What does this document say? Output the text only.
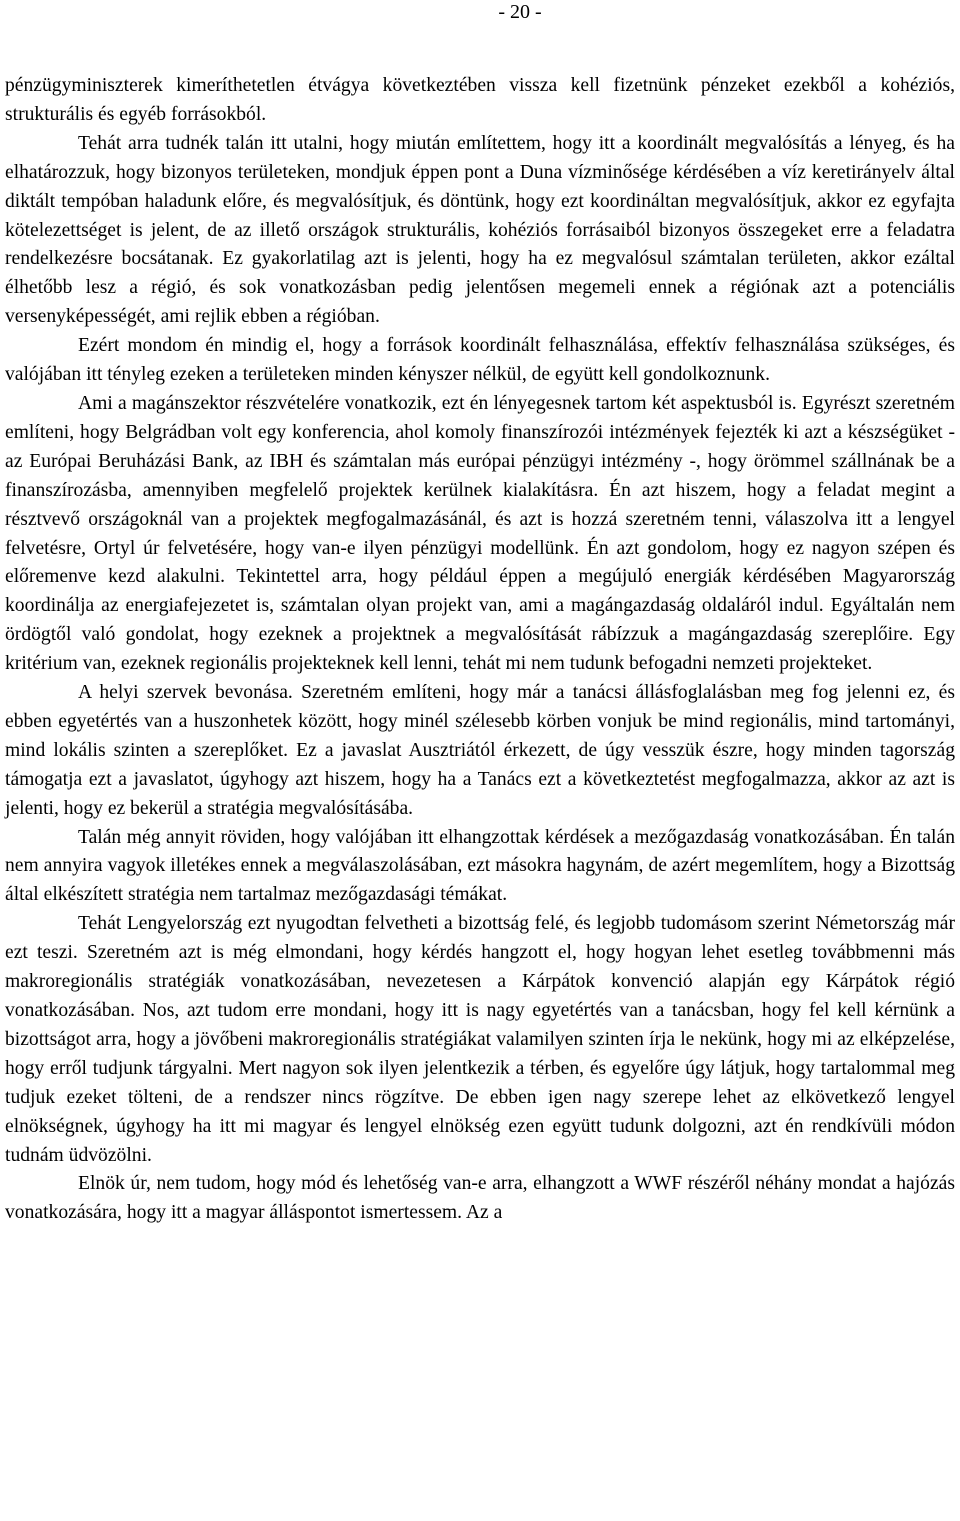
- 20 -

pénzügyminiszterek kimeríthetetlen étvágya következtében vissza kell fizetnünk pénzeket ezekből a kohéziós, strukturális és egyéb forrásokból.

Tehát arra tudnék talán itt utalni, hogy miután említettem, hogy itt a koordinált megvalósítás a lényeg, és ha elhatározzuk, hogy bizonyos területeken, mondjuk éppen pont a Duna vízminősége kérdésében a víz keretirányelv által diktált tempóban haladunk előre, és megvalósítjuk, és döntünk, hogy ezt koordináltan megvalósítjuk, akkor ez egyfajta kötelezettséget is jelent, de az illető országok strukturális, kohéziós forrásaiból bizonyos összegeket erre a feladatra rendelkezésre bocsátanak. Ez gyakorlatilag azt is jelenti, hogy ha ez megvalósul számtalan területen, akkor ezáltal élhetőbb lesz a régió, és sok vonatkozásban pedig jelentősen megemeli ennek a régiónak azt a potenciális versenyképességét, ami rejlik ebben a régióban.

Ezért mondom én mindig el, hogy a források koordinált felhasználása, effektív felhasználása szükséges, és valójában itt tényleg ezeken a területeken minden kényszer nélkül, de együtt kell gondolkoznunk.

Ami a magánszektor részvételére vonatkozik, ezt én lényegesnek tartom két aspektusból is. Egyrészt szeretném említeni, hogy Belgrádban volt egy konferencia, ahol komoly finanszírozói intézmények fejezték ki azt a készségüket - az Európai Beruházási Bank, az IBH és számtalan más európai pénzügyi intézmény -, hogy örömmel szállnának be a finanszírozásba, amennyiben megfelelő projektek kerülnek kialakításra. Én azt hiszem, hogy a feladat megint a résztvevő országoknál van a projektek megfogalmazásánál, és azt is hozzá szeretném tenni, válaszolva itt a lengyel felvetésre, Ortyl úr felvetésére, hogy van-e ilyen pénzügyi modellünk. Én azt gondolom, hogy ez nagyon szépen és előremenve kezd alakulni. Tekintettel arra, hogy például éppen a megújuló energiák kérdésében Magyarország koordinálja az energiafejezetet is, számtalan olyan projekt van, ami a magángazdaság oldaláról indul. Egyáltalán nem ördögtől való gondolat, hogy ezeknek a projektnek a megvalósítását rábízzuk a magángazdaság szereplőire. Egy kritérium van, ezeknek regionális projekteknek kell lenni, tehát mi nem tudunk befogadni nemzeti projekteket.

A helyi szervek bevonása. Szeretném említeni, hogy már a tanácsi állásfoglalásban meg fog jelenni ez, és ebben egyetértés van a huszonhetek között, hogy minél szélesebb körben vonjuk be mind regionális, mind tartományi, mind lokális szinten a szereplőket. Ez a javaslat Ausztriától érkezett, de úgy vesszük észre, hogy minden tagország támogatja ezt a javaslatot, úgyhogy azt hiszem, hogy ha a Tanács ezt a következtetést megfogalmazza, akkor az azt is jelenti, hogy ez bekerül a stratégia megvalósításába.

Talán még annyit röviden, hogy valójában itt elhangzottak kérdések a mezőgazdaság vonatkozásában. Én talán nem annyira vagyok illetékes ennek a megválaszolásában, ezt másokra hagynám, de azért megemlítem, hogy a Bizottság által elkészített stratégia nem tartalmaz mezőgazdasági témákat.

Tehát Lengyelország ezt nyugodtan felvetheti a bizottság felé, és legjobb tudomásom szerint Németország már ezt teszi. Szeretném azt is még elmondani, hogy kérdés hangzott el, hogy hogyan lehet esetleg továbbmenni más makroregionális stratégiák vonatkozásában, nevezetesen a Kárpátok konvenció alapján egy Kárpátok régió vonatkozásában. Nos, azt tudom erre mondani, hogy itt is nagy egyetértés van a tanácsban, hogy fel kell kérnünk a bizottságot arra, hogy a jövőbeni makroregionális stratégiákat valamilyen szinten írja le nekünk, hogy mi az elképzelése, hogy erről tudjunk tárgyalni. Mert nagyon sok ilyen jelentkezik a térben, és egyelőre úgy látjuk, hogy tartalommal meg tudjuk ezeket tölteni, de a rendszer nincs rögzítve. De ebben igen nagy szerepe lehet az elkövetkező lengyel elnökségnek, úgyhogy ha itt mi magyar és lengyel elnökség ezen együtt tudunk dolgozni, azt én rendkívüli módon tudnám üdvözölni.

Elnök úr, nem tudom, hogy mód és lehetőség van-e arra, elhangzott a WWF részéről néhány mondat a hajózás vonatkozására, hogy itt a magyar álláspontot ismertessem. Az a
